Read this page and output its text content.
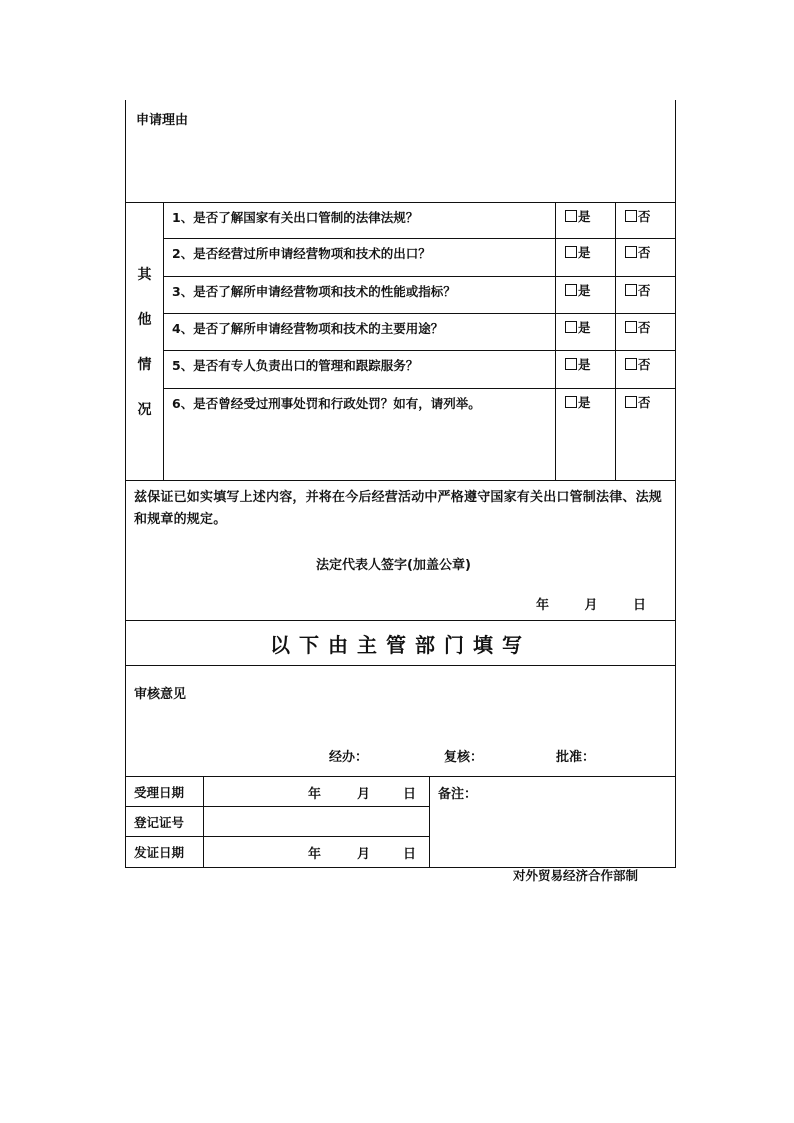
申请理由
其
他
情
况
1、是否了解国家有关出口管制的法律法规？	是	否
2、是否经营过所申请经营物项和技术的出口？	是	否
3、是否了解所申请经营物项和技术的性能或指标？	是	否
4、是否了解所申请经营物项和技术的主要用途？	是	否
5、是否有专人负责出口的管理和跟踪服务？	是	否
6、是否曾经受过刑事处罚和行政处罚？如有，请列举。	是	否
兹保证已如实填写上述内容，并将在今后经营活动中严格遵守国家有关出口管制法律、法规和规章的规定。
法定代表人签字(加盖公章)
年	月	日
以下由主管部门填写
审核意见
经办：	复核：	批准：
受理日期	年	月	日
登记证号
发证日期	年	月	日
备注：
对外贸易经济合作部制
